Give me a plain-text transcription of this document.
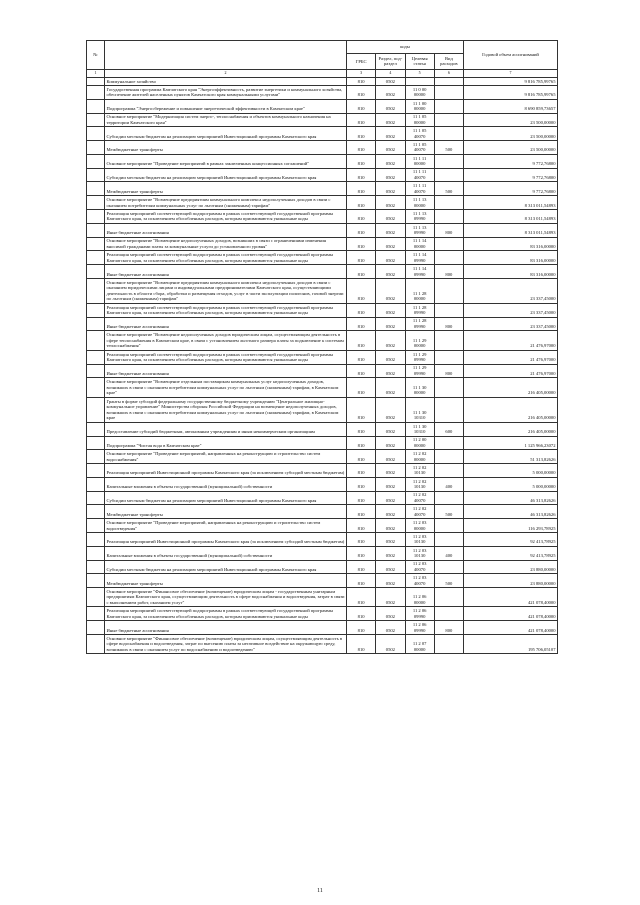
№		коды				Годовой объем ассигнований
		ГРБС	Раздел, под-раздел	Целевая статья	Вид расходов	
1	2	3	4	5	6	7
	Коммунальное хозяйство	810	0502			9 816 785,99765
	Государственная программа Камчатского края "Энергоэффективность, развитие энергетики и коммунального хозяйства, обеспечение жителей населенных пунктов Камчатского края коммунальными услугами"	810	0502	11 0 00 00000		9 816 785,99765
	Подпрограмма "Энергосбережение и повышение энергетической эффективности в Камчатском крае"	810	0502	11 1 00 00000		8 690 859,73657
	Основное мероприятие "Модернизация систем энерго-, теплоснабжения и объектов коммунального назначения на территории Камчатского края"	810	0502	11 1 05 00000		23 500,00000
	Субсидии местным бюджетам на реализацию мероприятий Инвестиционной программы Камчатского края	810	0502	11 1 05 40070		23 500,00000
	Межбюджетные трансферты	810	0502	11 1 05 40070	500	23 500,00000
	Основное мероприятие "Проведение мероприятий в рамках заключенных концессионных соглашений"	810	0502	11 1 11 00000		9 772,76800
	Субсидии местным бюджетам на реализацию мероприятий Инвестиционной программы Камчатского края	810	0502	11 1 11 40070		9 772,76800
	Межбюджетные трансферты	810	0502	11 1 11 40070	500	9 772,76800
	Основное мероприятие "Возмещение предприятиям коммунального комплекса недополученных доходов в связи с оказанием потребителям коммунальных услуг по льготным (сниженным) тарифам"	810	0502	11 1 13 00000		8 313 011,54893
	Реализация мероприятий соответствующей подпрограммы в рамках соответствующей государственной программы Камчатского края, за исключением обособленных расходов, которым присваиваются уникальные коды	810	0502	11 1 13 09990		8 313 011,54893
	Иные бюджетные ассигнования	810	0502	11 1 13 09990	800	8 313 011,54893
	Основное мероприятие "Возмещение недополученных доходов, возникших в связи с ограничениями изменения вносимой гражданами платы за коммунальные услуги до установленного уровня"	810	0502	11 1 14 00000		83 316,00000
	Реализация мероприятий соответствующей подпрограммы в рамках соответствующей государственной программы Камчатского края, за исключением обособленных расходов, которым присваиваются уникальные коды	810	0502	11 1 14 09990		83 316,00000
	Иные бюджетные ассигнования	810	0502	11 1 14 09990	800	83 316,00000
	Основное мероприятие "Возмещение предприятиям коммунального комплекса недополученных доходов в связи с оказанием юридическими лицами и индивидуальными предпринимателями Камчатского края, осуществляющими деятельность в области сбора, обработки и размещения отходов, услуг в части эксплуатации полигонов, газовой энергии по льготным (сниженным) тарифам"	810	0502	11 1 28 00000		23 337,45000
	Реализация мероприятий соответствующей подпрограммы в рамках соответствующей государственной программы Камчатского края, за исключением обособленных расходов, которым присваиваются уникальные коды	810	0502	11 1 28 09990		23 337,45000
	Иные бюджетные ассигнования	810	0502	11 1 28 09990	800	23 337,45000
	Основное мероприятие "Возмещение недополученных доходов юридическим лицам, осуществляющим деятельность в сфере теплоснабжения в Камчатском крае, в связи с установлением льготного размера платы за подключение к системам теплоснабжения"	810	0502	11 1 29 00000		21 476,97000
	Реализация мероприятий соответствующей подпрограммы в рамках соответствующей государственной программы Камчатского края, за исключением обособленных расходов, которым присваиваются уникальные коды	810	0502	11 1 29 09990		21 476,97000
	Иные бюджетные ассигнования	810	0502	11 1 29 09990	800	21 476,97000
	Основное мероприятие "Возмещение отдельным поставщикам коммунальных услуг недополученных доходов, возникших в связи с оказанием потребителям коммунальных услуг по льготным (сниженным) тарифам, в Камчатском крае"	810	0502	11 1 30 00000		216 405,00000
	Гранты в форме субсидий федеральному государственному бюджетному учреждению "Центральное жилищно-коммунальное управление" Министерства обороны Российской Федерации на возмещение недополученных доходов, возникших в связи с оказанием потребителям коммунальных услуг по льготным (сниженным) тарифам, в Камчатском крае	810	0502	11 1 30 10310		216 405,00000
	Предоставление субсидий бюджетным, автономным учреждениям и иным некоммерческим организациям	810	0502	11 1 30 10310	600	216 405,00000
	Подпрограмма "Чистая вода в Камчатском крае"	810	0502	11 2 00 00000		1 125 966,23072
	Основное мероприятие "Проведение мероприятий, направленных на реконструкцию и строительство систем водоснабжения"	810	0502	11 2 02 00000		51 313,82626
	Реализация мероприятий Инвестиционной программы Камчатского края (за исключением субсидий местным бюджетам)	810	0502	11 2 02 10130		5 000,00000
	Капитальные вложения в объекты государственной (муниципальной) собственности	810	0502	11 2 02 10130	400	5 000,00000
	Субсидии местным бюджетам на реализацию мероприятий Инвестиционной программы Камчатского края	810	0502	11 2 02 40070		46 313,82626
	Межбюджетные трансферты	810	0502	11 2 02 40070	500	46 313,82626
	Основное мероприятие "Проведение мероприятий, направленных на реконструкцию и строительство систем водоотведения"	810	0502	11 2 03 00000		116 293,78925
	Реализация мероприятий Инвестиционной программы Камчатского края (за исключением субсидий местным бюджетам)	810	0502	11 2 03 10130		92 413,78925
	Капитальные вложения в объекты государственной (муниципальной) собственности	810	0502	11 2 03 10130	400	92 413,78925
	Субсидии местным бюджетам на реализацию мероприятий Инвестиционной программы Камчатского края	810	0502	11 2 03 40070		23 880,00000
	Межбюджетные трансферты	810	0502	11 2 03 40070	500	23 880,00000
	Основное мероприятие "Финансовое обеспечение (возмещение) юридическим лицам - государственным унитарным предприятиям Камчатского края, осуществляющим деятельность в сфере водоснабжения и водоотведения, затрат в связи с выполнением работ, оказанием услуг"	810	0502	11 2 06 00000		421 078,40000
	Реализация мероприятий соответствующей подпрограммы в рамках соответствующей государственной программы Камчатского края, за исключением обособленных расходов, которым присваиваются уникальные коды	810	0502	11 2 06 09990		421 078,40000
	Иные бюджетные ассигнования	810	0502	11 2 06 09990	800	421 078,40000
	Основное мероприятие "Финансовое обеспечение (возмещение) юридическим лицам, осуществляющим деятельность в сфере водоснабжения и водоотведения, затрат по внесению платы за негативное воздействие на окружающую среду, возникших в связи с оказанием услуг по водоснабжению и водоотведению"	810	0502	11 2 07 00000		195 706,05107
11
